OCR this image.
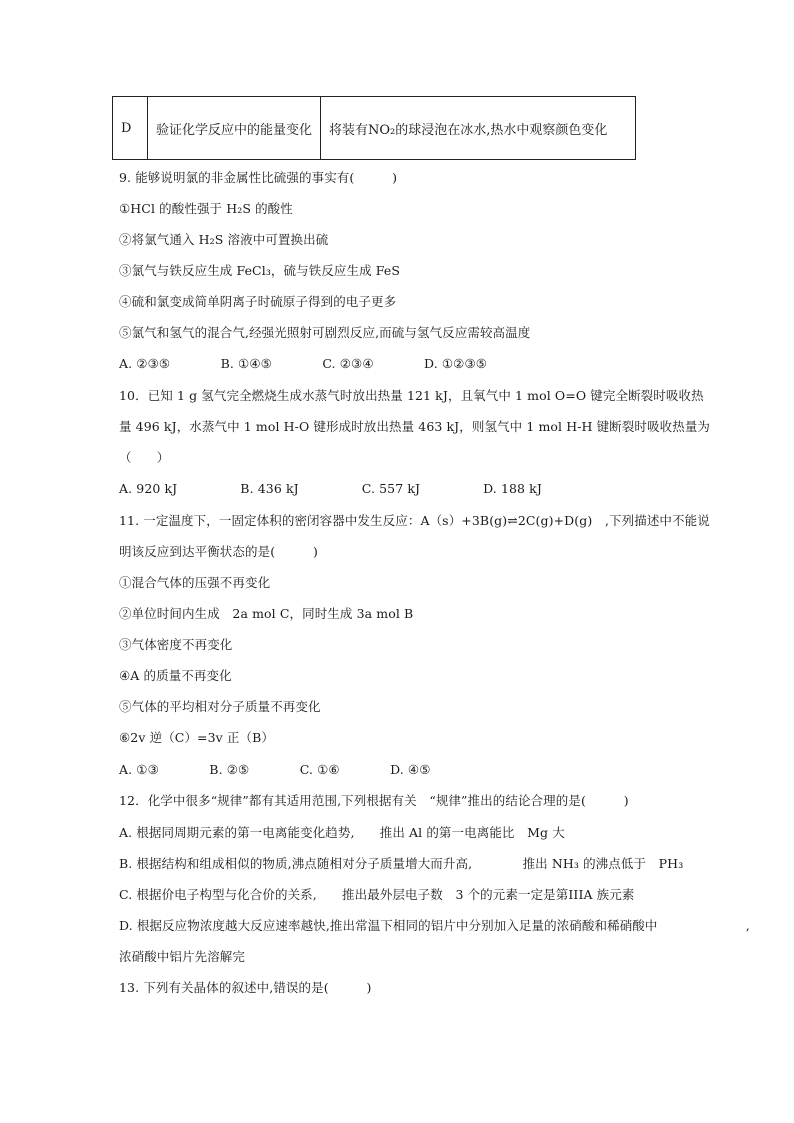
D	验证化学反应中的能量变化	将装有NO₂的球浸泡在冰水,热水中观察颜色变化
9. 能够说明氯的非金属性比硫强的事实有(　　　)
①HCl 的酸性强于 H₂S 的酸性
②将氯气通入 H₂S 溶液中可置换出硫
③氯气与铁反应生成 FeCl₃，硫与铁反应生成 FeS
④硫和氯变成简单阴离子时硫原子得到的电子更多
⑤氯气和氢气的混合气,经强光照射可剧烈反应,而硫与氢气反应需较高温度
A. ②③⑤　　　　B. ①④⑤　　　　C. ②③④　　　　D. ①②③⑤
10．已知 1 g 氢气完全燃烧生成水蒸气时放出热量 121 kJ，且氧气中 1 mol O=O 键完全断裂时吸收热
量 496 kJ，水蒸气中 1 mol H-O 键形成时放出热量 463 kJ，则氢气中 1 mol H-H 键断裂时吸收热量为
（　　）
A. 920 kJ　　　　　B. 436 kJ　　　　　C. 557 kJ　　　　　D. 188 kJ
11. 一定温度下，一固定体积的密闭容器中发生反应：A（s）+3B(g)⇌2C(g)+D(g)　,下列描述中不能说
明该反应到达平衡状态的是(　　　)
①混合气体的压强不再变化
②单位时间内生成　2a mol C，同时生成 3a mol B
③气体密度不再变化
④A 的质量不再变化
⑤气体的平均相对分子质量不再变化
⑥2v 逆（C）=3v 正（B）
A. ①③　　　　B. ②⑤　　　　C. ①⑥　　　　D. ④⑤
12．化学中很多“规律”都有其适用范围,下列根据有关　“规律”推出的结论合理的是(　　　)
A. 根据同周期元素的第一电离能变化趋势,　　推出 Al 的第一电离能比　Mg 大
B. 根据结构和组成相似的物质,沸点随相对分子质量增大而升高,　　　　推出 NH₃ 的沸点低于　PH₃
C. 根据价电子构型与化合价的关系,　　推出最外层电子数　3 个的元素一定是第IIIA 族元素
D. 根据反应物浓度越大反应速率越快,推出常温下相同的铝片中分别加入足量的浓硝酸和稀硝酸中　　　　　　　,
浓硝酸中铝片先溶解完
13. 下列有关晶体的叙述中,错误的是(　　　)
